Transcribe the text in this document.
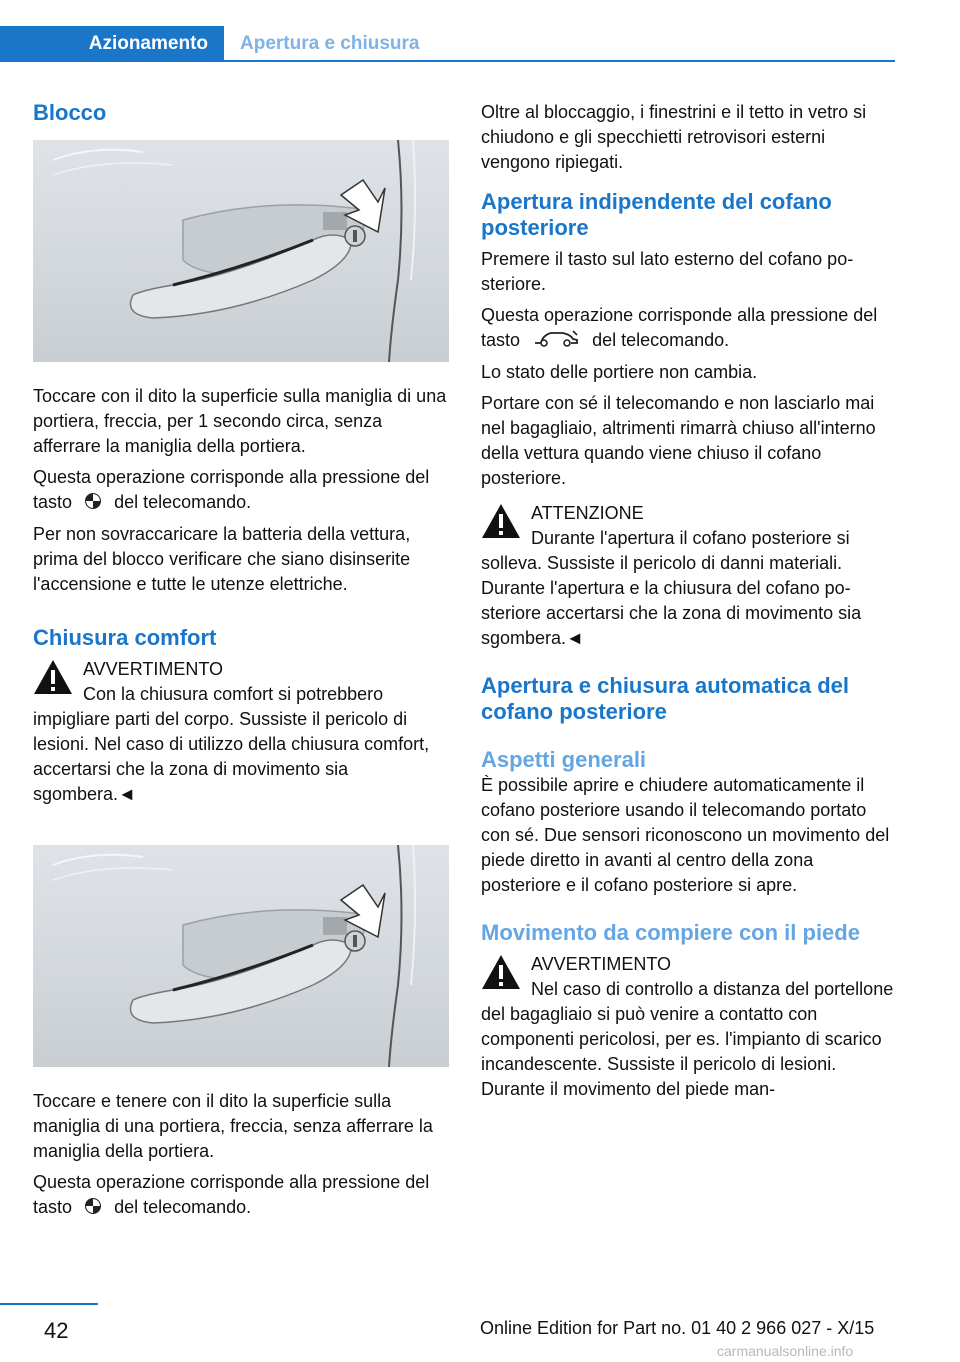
Azionamento Apertura e chiusura
Blocco

Toccare con il dito la superficie sulla maniglia di una portiera, freccia, per 1 secondo circa, senza afferrare la maniglia della portiera.

Questa operazione corrisponde alla pressione del tasto del telecomando.

Per non sovraccaricare la batteria della vettura, prima del blocco verificare che siano disinserite l'accensione e tutte le utenze elettriche.

Chiusura comfort
AVVERTIMENTO
Con la chiusura comfort si potrebbero impigliare parti del corpo. Sussiste il pericolo di lesioni. Nel caso di utilizzo della chiusura comfort, accertarsi che la zona di movimento sia sgombera.◄

Toccare e tenere con il dito la superficie sulla maniglia di una portiera, freccia, senza afferrare la maniglia della portiera.

Questa operazione corrisponde alla pressione del tasto del telecomando.

Oltre al bloccaggio, i finestrini e il tetto in vetro si chiudono e gli specchietti retrovisori esterni vengono ripiegati.

Apertura indipendente del cofano posteriore

Premere il tasto sul lato esterno del cofano posteriore.

Questa operazione corrisponde alla pressione del tasto	del telecomando.

Lo stato delle portiere non cambia.

Portare con sé il telecomando e non lasciarlo mai nel bagagliaio, altrimenti rimarrà chiuso all'interno della vettura quando viene chiuso il cofano posteriore.

ATTENZIONE
Durante l'apertura il cofano posteriore si solleva. Sussiste il pericolo di danni materiali. Durante l'apertura e la chiusura del cofano posteriore accertarsi che la zona di movimento sia sgombera.◄
Apertura e chiusura automatica del cofano posteriore
Aspetti generali

È possibile aprire e chiudere automaticamente il cofano posteriore usando il telecomando portato con sé. Due sensori riconoscono un movimento del piede diretto in avanti al centro della zona posteriore e il cofano posteriore si apre.

Movimento da compiere con il piede
AVVERTIMENTO
Nel caso di controllo a distanza del portellone del bagagliaio si può venire a contatto con componenti pericolosi, per es. l'impianto di scarico incandescente. Sussiste il pericolo di lesioni. Durante il movimento del piede man-
42	Online Edition for Part no. 01 40 2 966 027 - X/15
carmanualsonline.info
